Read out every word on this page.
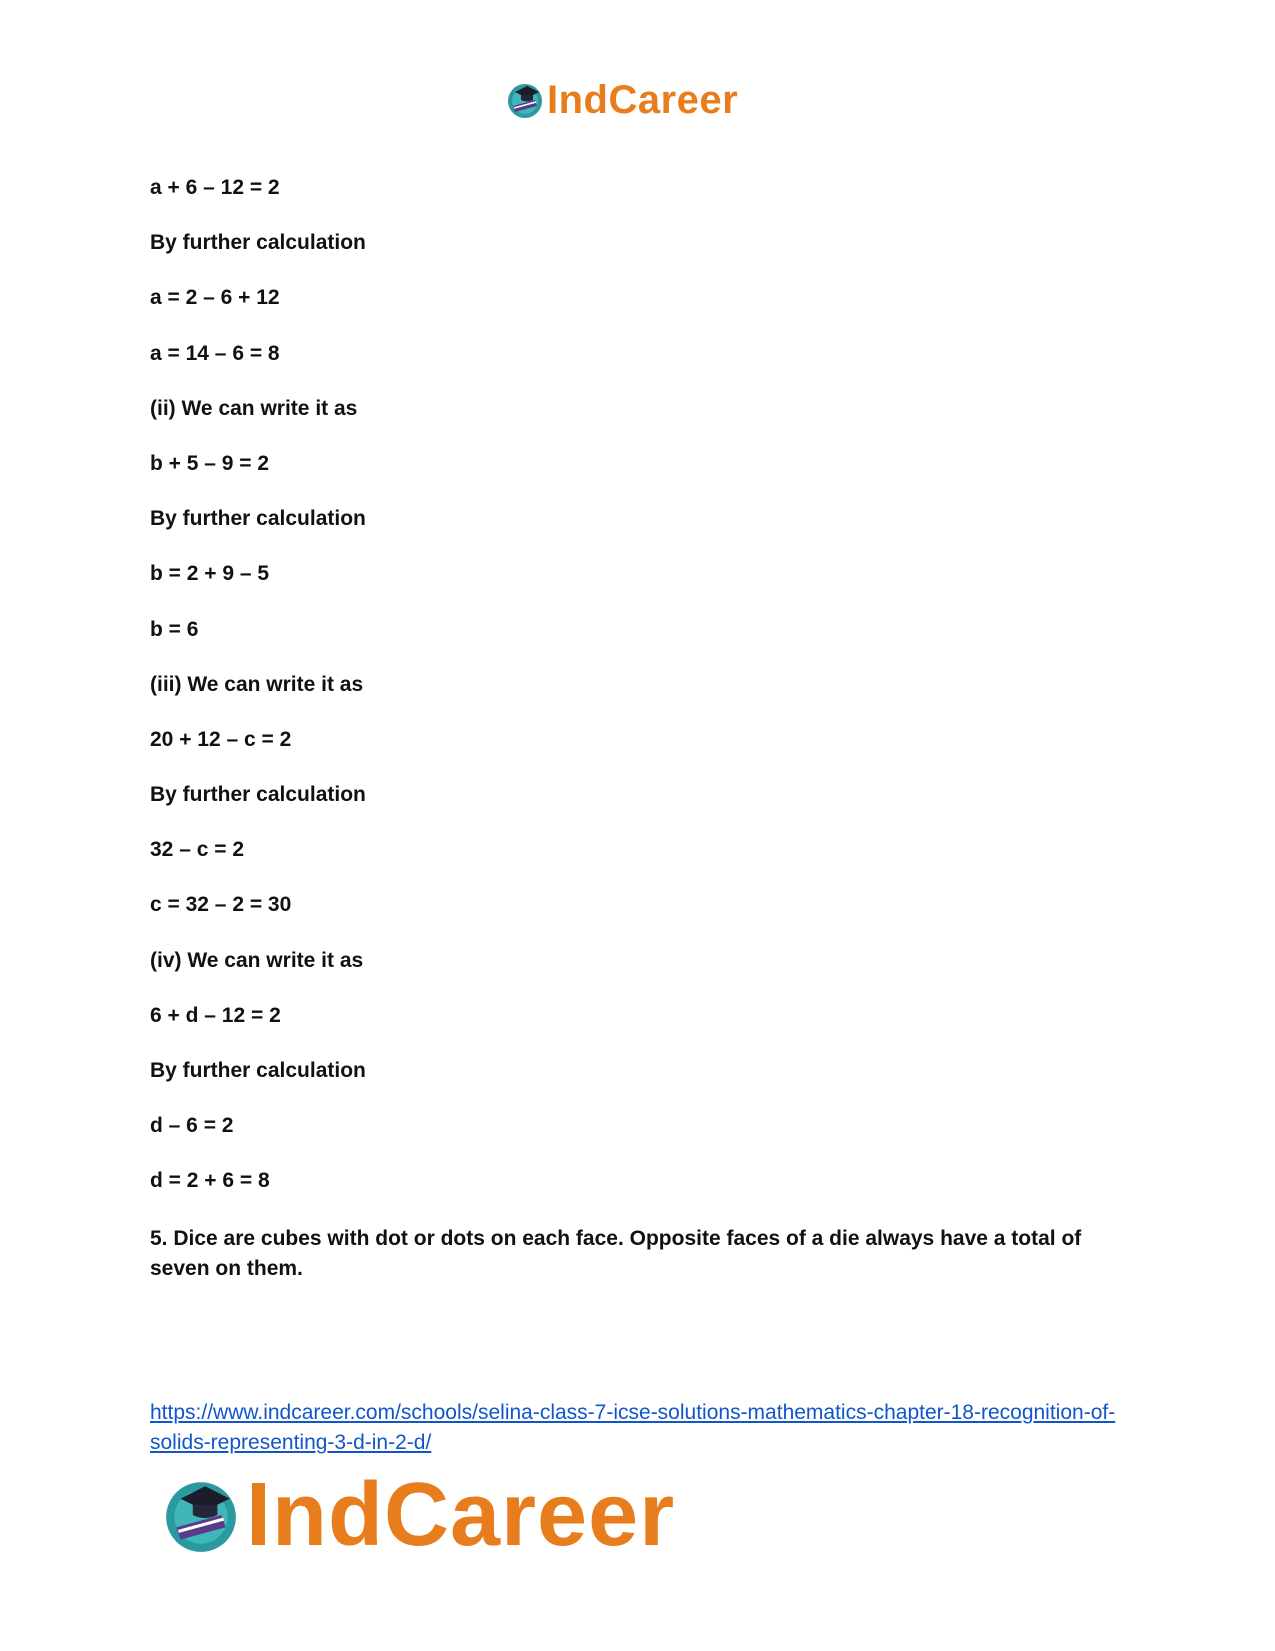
IndCareer
a + 6 – 12 = 2
By further calculation
a = 2 – 6 + 12
a = 14 – 6 = 8
(ii) We can write it as
b + 5 – 9 = 2
By further calculation
b = 2 + 9 – 5
b = 6
(iii) We can write it as
20 + 12 – c = 2
By further calculation
32 – c = 2
c = 32 – 2 = 30
(iv) We can write it as
6 + d – 12 = 2
By further calculation
d – 6 = 2
d = 2 + 6 = 8

5. Dice are cubes with dot or dots on each face. Opposite faces of a die always have a total of seven on them.

https://www.indcareer.com/schools/selina-class-7-icse-solutions-mathematics-chapter-18-recognition-of-solids-representing-3-d-in-2-d/
IndCareer
